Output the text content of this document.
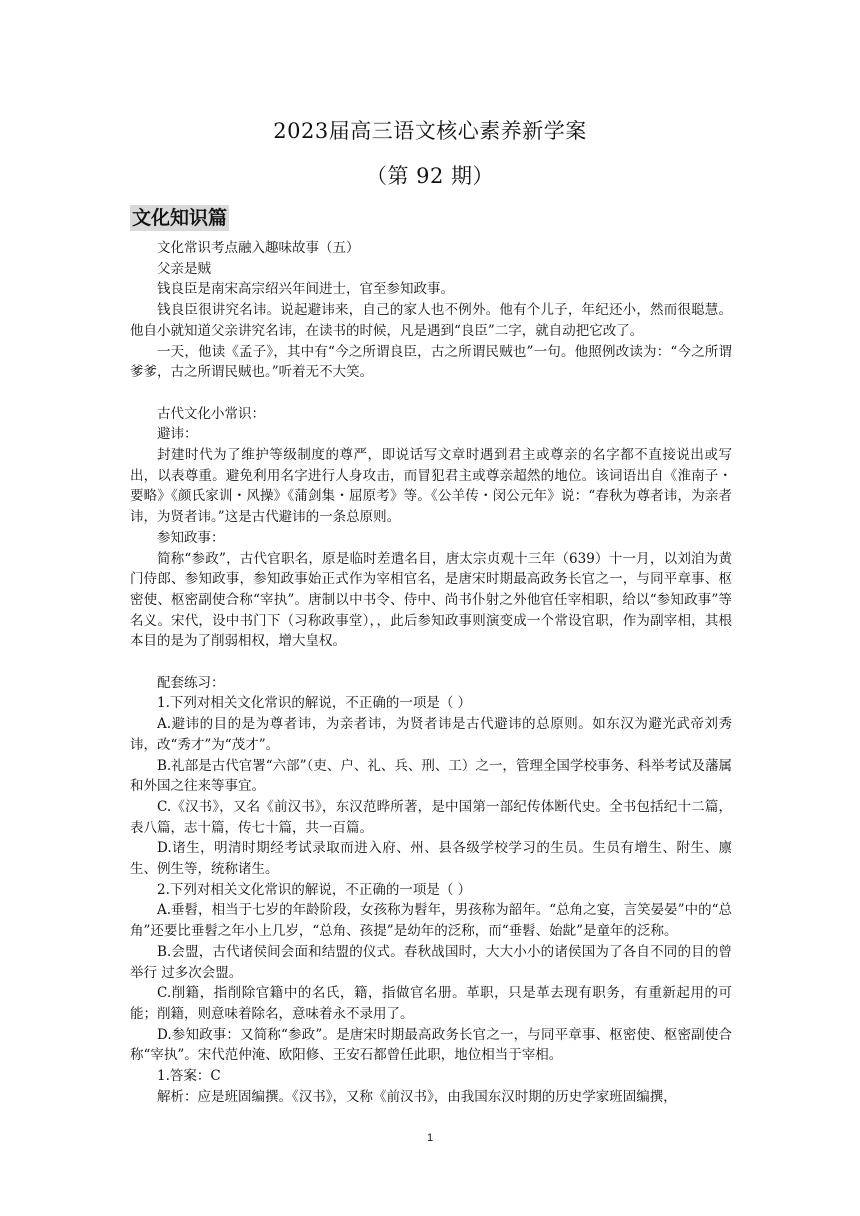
2023届高三语文核心素养新学案
（第 92 期）
文化知识篇

文化常识考点融入趣味故事（五）

父亲是贼

钱良臣是南宋高宗绍兴年间进士，官至参知政事。

钱良臣很讲究名讳。说起避讳来，自己的家人也不例外。他有个儿子，年纪还小，然而很聪慧。他自小就知道父亲讲究名讳，在读书的时候，凡是遇到“良臣”二字，就自动把它改了。

一天，他读《孟子》，其中有“今之所谓良臣，古之所谓民贼也”一句。他照例改读为：“今之所谓爹爹，古之所谓民贼也。”听着无不大笑。

古代文化小常识：

避讳：

封建时代为了维护等级制度的尊严，即说话写文章时遇到君主或尊亲的名字都不直接说出或写出，以表尊重。避免利用名字进行人身攻击，而冒犯君主或尊亲超然的地位。该词语出自《淮南子・要略》《颜氏家训・风操》《蒲剑集・屈原考》等。《公羊传・闵公元年》说：“春秋为尊者讳，为亲者讳，为贤者讳。”这是古代避讳的一条总原则。

参知政事：

简称“参政”，古代官职名，原是临时差遣名目，唐太宗贞观十三年（639）十一月，以刘洎为黄门侍郎、参知政事，参知政事始正式作为宰相官名，是唐宋时期最高政务长官之一，与同平章事、枢密使、枢密副使合称“宰执”。唐制以中书令、侍中、尚书仆射之外他官任宰相职，给以“参知政事”等名义。宋代，设中书门下（习称政事堂），，此后参知政事则演变成一个常设官职，作为副宰相，其根本目的是为了削弱相权，增大皇权。

配套练习：

1.下列对相关文化常识的解说，不正确的一项是（ ）

A.避讳的目的是为尊者讳，为亲者讳，为贤者讳是古代避讳的总原则。如东汉为避光武帝刘秀讳，改“秀才”为“茂才”。

B.礼部是古代官署“六部”（吏、户、礼、兵、刑、工）之一，管理全国学校事务、科举考试及藩属和外国之往来等事宜。

C.《汉书》，又名《前汉书》，东汉范晔所著，是中国第一部纪传体断代史。全书包括纪十二篇，表八篇，志十篇，传七十篇，共一百篇。

D.诸生，明清时期经考试录取而进入府、州、县各级学校学习的生员。生员有增生、附生、廪生、例生等，统称诸生。

2.下列对相关文化常识的解说，不正确的一项是（ ）

A.垂髫，相当于七岁的年龄阶段，女孩称为髫年，男孩称为韶年。“总角之宴，言笑晏晏”中的“总角”还要比垂髫之年小上几岁，“总角、孩提”是幼年的泛称，而“垂髫、始龀”是童年的泛称。

B.会盟，古代诸侯间会面和结盟的仪式。春秋战国时，大大小小的诸侯国为了各自不同的目的曾举行 过多次会盟。

C.削籍，指削除官籍中的名氏，籍，指做官名册。革职，只是革去现有职务，有重新起用的可能；削籍，则意味着除名，意味着永不录用了。

D.参知政事：又简称“参政”。是唐宋时期最高政务长官之一，与同平章事、枢密使、枢密副使合称“宰执”。宋代范仲淹、欧阳修、王安石都曾任此职，地位相当于宰相。

1.答案：C

解析：应是班固编撰。《汉书》，又称《前汉书》，由我国东汉时期的历史学家班固编撰，

1
